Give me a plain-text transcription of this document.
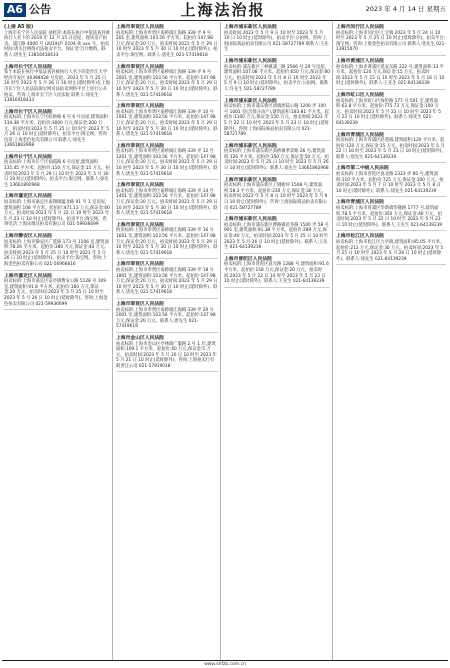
A6 公告	上海法治报	2023 年 4 月 14 日 星期五
(上接 A5 版)

上海市长宁区人民法院 徐桂萍:本院在执行中依法查封被执行人名下的 2019 年 12 月 15 日房屋。现该房产拍卖。浦江路 4000 号 (2019)沪 0104 执 xxx 号。拍卖时间:请关注网络司法拍卖平台。保证金:自行缴纳。联系人:唐先生 13816418433

上海市长宁区人民法院

鉴于本院在执行中依法查封被执行人名下的金沙江大学经济开发区 40398428 号房屋。2023 年 5 月 25 日 10 时至 2023 年 5 月 26 日 10 时止(延时除外)在上海市长宁区人民法院淘宝网司法拍卖网络平台上进行公开拍卖。咨询:上海市长宁区人民法院 联系人:徐先生 13816418433

上海市长宁区人民法院

拍卖标的:上海市长宁区虹桥路 6 号 6 号房屋,建筑面积 134.38 平方米。起拍价:3000 万元,保证金:200 万元。拍卖时间:2023 年 5 月 25 日 10 时至 2023 年 5 月 26 日 10 时止(延时除外)。拍卖平台:淘宝网。咨询电话:上海金色拍卖有限公司 联系人:徐先生 13661892968

上海市长宁区人民法院

拍卖标的:上海市长宁区仙霞路 6 号房屋,建筑面积 135.45 平方米。起拍价:110 万元,保证金:15 万元。拍卖时间:2023 年 5 月 29 日 10 时至 2023 年 5 月 30 日 10 时止(延时除外)。拍卖平台:淘宝网。联系人:徐先生 13661892968

上海市嘉定区人民法院

拍卖标的:上海市嘉定区南翔镇蕴北路 91 号 1 室房屋,建筑面积 108 平方米。起拍价:471.13 万元,保证金:60 万元。拍卖时间:2023 年 5 月 22 日 10 时至 2023 年 5 月 23 日 10 时止(延时除外)。拍卖平台:淘宝网。咨询电话:上海乐维达拍卖有限公司 021-59936699

上海市静安区人民法院

拍卖标的:上海市静安区广延路 173 号 1106 室,建筑面积:78.26 平方米。起拍价:380 万元,保证金:40 万元。拍卖时间:2023 年 5 月 25 日 10 时至 2023 年 5 月 26 日 10 时止(延时除外)。拍卖平台:淘宝网。咨询:上海金色拍卖有限公司 021-56966616

上海市嘉定区人民法院

拍卖标的:上海市嘉定区安亭镇曹安公路 5128 号 109 室,建筑面积:91.8 平方米。起拍价:160 万元,保证金:20 万元。拍卖时间:2023 年 5 月 25 日 10 时至 2023 年 5 月 26 日 10 时止(延时除外)。咨询:上海金色拍卖有限公司 021-59936699

上海市奉贤区人民法院

拍卖标的:上海市奉贤区南桥镇江海路 339 弄 9 号 201 室,建筑面积:103.56 平方米。起拍价:147.98 万元,保证金:20 万元。拍卖时间:2023 年 5 月 29 日 10 时至 2023 年 5 月 30 日 10 时止(延时除外)。拍卖平台:淘宝网。联系人:唐先生 021-57419618

上海市奉贤区人民法院

拍卖标的:上海市奉贤区南桥镇江海路 339 弄 9 号 2001 室,建筑面积:103.56 平方米。起拍价:147.98 万元,保证金:20 万元。拍卖时间:2023 年 5 月 29 日 10 时至 2023 年 5 月 30 日 10 时止(延时除外)。联系人:唐先生 021-57419618

上海市奉贤区人民法院

拍卖标的:上海市奉贤区南桥镇江海路 339 弄 10 号 1001 室,建筑面积:103.56 平方米。起拍价:147.98 万元,保证金:20 万元。拍卖时间:2023 年 5 月 29 日 10 时至 2023 年 5 月 30 日 10 时止(延时除外)。联系人:唐先生 021-57419618

上海市奉贤区人民法院

拍卖标的:上海市奉贤区南桥镇江海路 339 弄 12 号 1201 室,建筑面积:103.56 平方米。起拍价:147.98 万元,保证金:20 万元。拍卖时间:2023 年 5 月 29 日 10 时至 2023 年 5 月 30 日 10 时止(延时除外)。联系人:唐先生 021-57419618

上海市奉贤区人民法院

拍卖标的:上海市奉贤区南桥镇江海路 339 弄 14 号 1401 室,建筑面积:103.56 平方米。起拍价:147.98 万元,保证金:20 万元。拍卖时间:2023 年 5 月 29 日 10 时至 2023 年 5 月 30 日 10 时止(延时除外)。联系人:唐先生 021-57419618

上海市奉贤区人民法院

拍卖标的:上海市奉贤区南桥镇江海路 339 弄 16 号 1601 室,建筑面积:103.56 平方米。起拍价:147.98 万元,保证金:20 万元。拍卖时间:2023 年 5 月 29 日 10 时至 2023 年 5 月 30 日 10 时止(延时除外)。联系人:唐先生 021-57419618

上海市奉贤区人民法院

拍卖标的:上海市奉贤区南桥镇江海路 339 弄 18 号 1801 室,建筑面积:103.56 平方米。起拍价:147.98 万元,保证金:20 万元。拍卖时间:2023 年 5 月 29 日 10 时至 2023 年 5 月 30 日 10 时止(延时除外)。联系人:唐先生 021-57419618

上海市奉贤区人民法院

拍卖标的:上海市奉贤区南桥镇江海路 339 弄 20 号 2001 室,建筑面积:103.56 平方米。起拍价:147.98 万元,保证金:20 万元。联系人:唐先生 021-57419618

上海市金山区人民法院

拍卖标的:上海市金山区亭林镇广厦路 2 号 1 层,建筑面积:109.1 平方米。起拍价:40 万元,保证金:5 万元。拍卖时间:2023 年 5 月 20 日 10 时至 2023 年 5 月 21 日 10 时止(延时除外)。咨询:上海拍卖行有限责任公司 021-57919018

上海市浦东新区人民法院

拍卖时间:2023 年 5 月 9 日 10 时至 2023 年 5 月 10 日 10 时止(延时除外)。拍卖平台:公拍网。咨询:上海国际商品拍卖有限公司 021-58727789 联系人:王先生

上海市浦东新区人民法院

拍卖标的:浦东新区三林镇浦三路 2566 号 20 号房屋,建筑面积:107.08 平方米。起拍价:650 万元,保证金:80 万元。拍卖时间:2023 年 5 月 8 日 10 时至 2023 年 5 月 9 日 10 时止(延时除外)。拍卖平台:公拍网。联系人:许先生 021-58727789

上海市浦东新区人民法院

拍卖标的:上海市浦东新区唐镇唐陆公路 1200 弄 100 号 1001 室(含部分动产),建筑面积:183.81 平方米。起拍价:1100 万元,保证金:150 万元。拍卖时间:2023 年 5 月 22 日 10 时至 2023 年 5 月 23 日 10 时止(延时除外)。咨询:上海国际商品拍卖有限公司 021-58727789

上海市浦东新区人民法院

拍卖标的:上海市浦东新区高桥镇季景路 26 号,建筑面积:126 平方米。起拍价:350 万元,保证金:50 万元。拍卖时间:2023 年 5 月 25 日 10 时至 2023 年 5 月 26 日 10 时止(延时除外)。联系人:徐先生 13661892968

上海市浦东新区人民法院

拍卖标的:上海市浦东新区上钢新村 1508 号,建筑面积:58.3 平方米。起拍价:230 万元,保证金:30 万元。拍卖时间:2023 年 5 月 8 日 10 时至 2023 年 5 月 9 日 10 时止(延时除外)。咨询:上海国际商品拍卖有限公司 021-58727789

上海市浦东新区人民法院

拍卖标的:上海市浦东新区曹路镇民冬路 1500 弄 58 号 901 室,建筑面积:91.38 平方米。起拍价:289 万元,保证金:40 万元。拍卖时间:2023 年 5 月 25 日 10 时至 2023 年 5 月 26 日 10 时止(延时除外)。联系人:王先生 021-64139239

上海市普陀区人民法院

拍卖标的:上海市普陀区真光路 1288 号,建筑面积:91.6 平方米。起拍价:158 万元,保证金:20 万元。拍卖时间:2023 年 5 月 22 日 10 时至 2023 年 5 月 23 日 10 时止(延时除外)。联系人:王先生 021-64139239

上海市闵行区人民法院

拍卖标的:上海市闵行区七宝镇 2023 年 5 月 24 日 10 时至 2023 年 5 月 25 日 10 时止(延时除外)。拍卖平台:淘宝网。咨询:上海金色拍卖有限公司 联系人:金先生 021-13915070

上海市黄浦区人民法院

拍卖标的:上海市黄浦区延安东路 222 号,建筑面积:33 平方米。起拍价:120 万元,保证金:15 万元。拍卖时间:2023 年 5 月 15 日 10 时至 2023 年 5 月 16 日 10 时止(延时除外)。联系人:王先生 021-64139239

上海市虹口区人民法院

拍卖标的:上海市虹口区海伦路 177 号 501 室,建筑面积:62.8 平方米。起拍价:775.73 万元,保证金:100 万元。拍卖时间:2023 年 5 月 22 日 10 时至 2023 年 5 月 23 日 10 时止(延时除外)。联系人:徐先生 021-64139239

上海市青浦区人民法院

拍卖标的:上海市青浦区赵巷镇,建筑面积:120 平方米。起拍价:120 万元,保证金:15 万元。拍卖时间:2023 年 5 月 22 日 10 时至 2023 年 5 月 23 日 10 时止(延时除外)。联系人:徐先生 021-64139239

上海市第二中级人民法院

拍卖标的:上海市普陀区真北路 2323 弄 60 号,建筑面积:110 平方米。起拍价:725 万元,保证金:100 万元。拍卖时间:2023 年 5 月 7 日 10 时至 2023 年 5 月 8 日 10 时止(延时除外)。联系人:徐先生 021-64139239

上海市青浦区人民法院

拍卖标的:上海市青浦区华新镇华隆路 1777 号,建筑面积:78.5 平方米。起拍价:350 万元,保证金:40 万元。拍卖时间:2023 年 5 月 22 日 10 时至 2023 年 5 月 23 日 10 时止(延时除外)。联系人:王先生 021-64139239

上海市松江区人民法院

拍卖标的:上海市松江区九亭镇,建筑面积:85.05 平方米。起拍价:213 万元,保证金:30 万元。拍卖时间:2023 年 5 月 25 日 10 时至 2023 年 5 月 26 日 10 时止(延时除外)。联系人:徐先生 021-64139239

www.shfzb.com.cn
